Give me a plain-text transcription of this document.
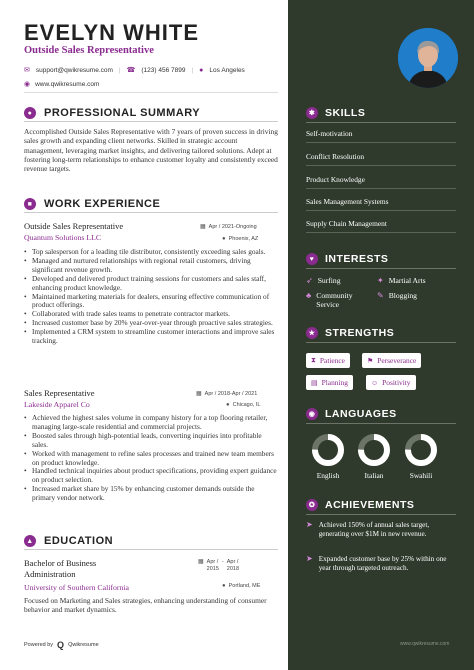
EVELYN WHITE
Outside Sales Representative
✉ support@qwikresume.com | ☎ (123) 456 7899 | ● Los Angeles
◉ www.qwikresume.com
●	PROFESSIONAL SUMMARY
Accomplished Outside Sales Representative with 7 years of proven success in driving sales growth and expanding client networks. Skilled in strategic account management, leveraging market insights, and delivering tailored solutions. Adept at fostering long-term relationships to enhance customer loyalty and consistently exceed revenue targets.
■	WORK EXPERIENCE
Outside Sales Representative
Quantum Solutions LLC
▦ Apr / 2021-Ongoing
● Phoenix, AZ
• Top salesperson for a leading tile distributor, consistently exceeding sales goals.
• Managed and nurtured relationships with regional retail customers, driving significant revenue growth.
• Developed and delivered product training sessions for customers and sales staff, enhancing product knowledge.
• Maintained marketing materials for dealers, ensuring effective communication of product offerings.
• Collaborated with trade sales teams to penetrate contractor markets.
• Increased customer base by 20% year-over-year through proactive sales strategies.
• Implemented a CRM system to streamline customer interactions and improve sales tracking.
Sales Representative
Lakeside Apparel Co
▦ Apr / 2018-Apr / 2021
● Chicago, IL
• Achieved the highest sales volume in company history for a top flooring retailer, managing large-scale residential and commercial projects.
• Boosted sales through high-potential leads, converting inquiries into profitable sales.
• Worked with management to refine sales processes and trained new team members on product knowledge.
• Handled technical inquiries about product specifications, providing expert guidance on product selection.
• Increased market share by 15% by enhancing customer demands outside the primary vendor network.
▲ EDUCATION
Bachelor of Business
Administration
University of Southern California
▦ Apr /
2015
- Apr /
2018
● Portland, ME
Focused on Marketing and Sales strategies, enhancing understanding of consumer behavior and market dynamics.
Powered by Q Qwikresume
✱ SKILLS
Self-motivation
Conflict Resolution
Product Knowledge
Sales Management Systems
Supply Chain Management
♥	INTERESTS
➶ Surfing	✦ Martial Arts
♣ Community Service
✎ Blogging
★ STRENGTHS
⧗ Patience	⚑ Perseverance
▤ Planning	☺ Positivity
◉ LANGUAGES
English	Italian	Swahili
✪ ACHIEVEMENTS
➤ Achieved 150% of annual sales target, generating over $1M in new revenue.
➤ Expanded customer base by 25% within one year through targeted outreach.
www.qwikresume.com
